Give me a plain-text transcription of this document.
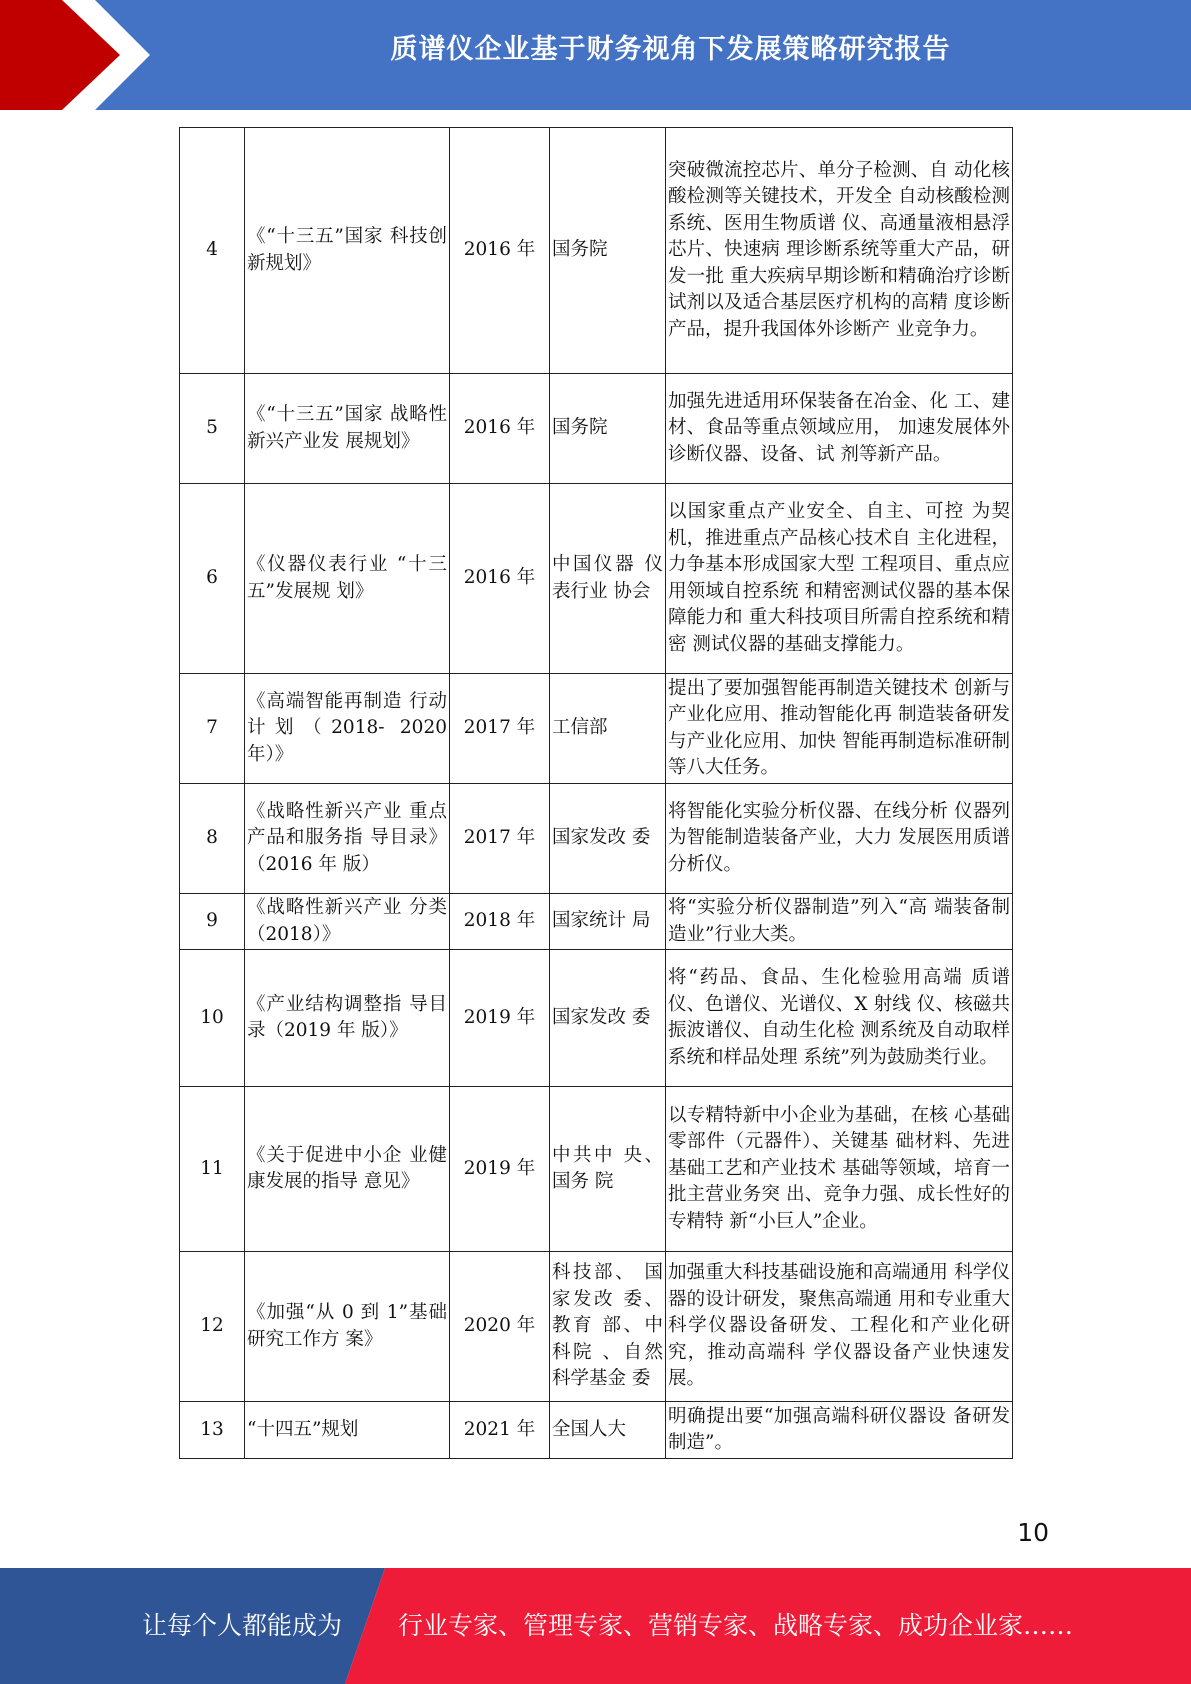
质谱仪企业基于财务视角下发展策略研究报告
4	《“十三五”国家 科技创新规划》	2016 年	国务院	突破微流控芯片、单分子检测、自 动化核酸检测等关键技术，开发全 自动核酸检测系统、医用生物质谱 仪、高通量液相悬浮芯片、快速病 理诊断系统等重大产品，研发一批 重大疾病早期诊断和精确治疗诊断 试剂以及适合基层医疗机构的高精 度诊断产品，提升我国体外诊断产 业竞争力。
5	《“十三五”国家 战略性新兴产业发 展规划》	2016 年	国务院	加强先进适用环保装备在冶金、化 工、建材、食品等重点领域应用， 加速发展体外诊断仪器、设备、试 剂等新产品。
6	《仪器仪表行业 “十三五”发展规 划》	2016 年	中国仪器 仪表行业 协会	以国家重点产业安全、自主、可控 为契机，推进重点产品核心技术自 主化进程，力争基本形成国家大型 工程项目、重点应用领域自控系统 和精密测试仪器的基本保障能力和 重大科技项目所需自控系统和精密 测试仪器的基础支撑能力。
7	《高端智能再制造 行动计划（2018- 2020 年）》	2017 年	工信部	提出了要加强智能再制造关键技术 创新与产业化应用、推动智能化再 制造装备研发与产业化应用、加快 智能再制造标准研制等八大任务。
8	《战略性新兴产业 重点产品和服务指 导目录》（2016 年 版）	2017 年	国家发改 委	将智能化实验分析仪器、在线分析 仪器列为智能制造装备产业，大力 发展医用质谱分析仪。
9	《战略性新兴产业 分类（2018）》	2018 年	国家统计 局	将“实验分析仪器制造”列入“高 端装备制造业”行业大类。
10	《产业结构调整指 导目录（2019 年 版）》	2019 年	国家发改 委	将“药品、食品、生化检验用高端 质谱仪、色谱仪、光谱仪、X 射线 仪、核磁共振波谱仪、自动生化检 测系统及自动取样系统和样品处理 系统”列为鼓励类行业。
11	《关于促进中小企 业健康发展的指导 意见》	2019 年	中共中 央、国务 院	以专精特新中小企业为基础，在核 心基础零部件（元器件）、关键基 础材料、先进基础工艺和产业技术 基础等领域，培育一批主营业务突 出、竞争力强、成长性好的专精特 新“小巨人”企业。
12	《加强“从 0 到 1”基础研究工作方 案》	2020 年	科技部、 国家发改 委、教育 部、中科院 、自然科学基金 委	加强重大科技基础设施和高端通用 科学仪器的设计研发，聚焦高端通 用和专业重大科学仪器设备研发、工程化和产业化研究，推动高端科 学仪器设备产业快速发展。
13	“十四五”规划	2021 年	全国人大	明确提出要“加强高端科研仪器设 备研发制造”。
10
让每个人都能成为 行业专家、管理专家、营销专家、战略专家、成功企业家……
